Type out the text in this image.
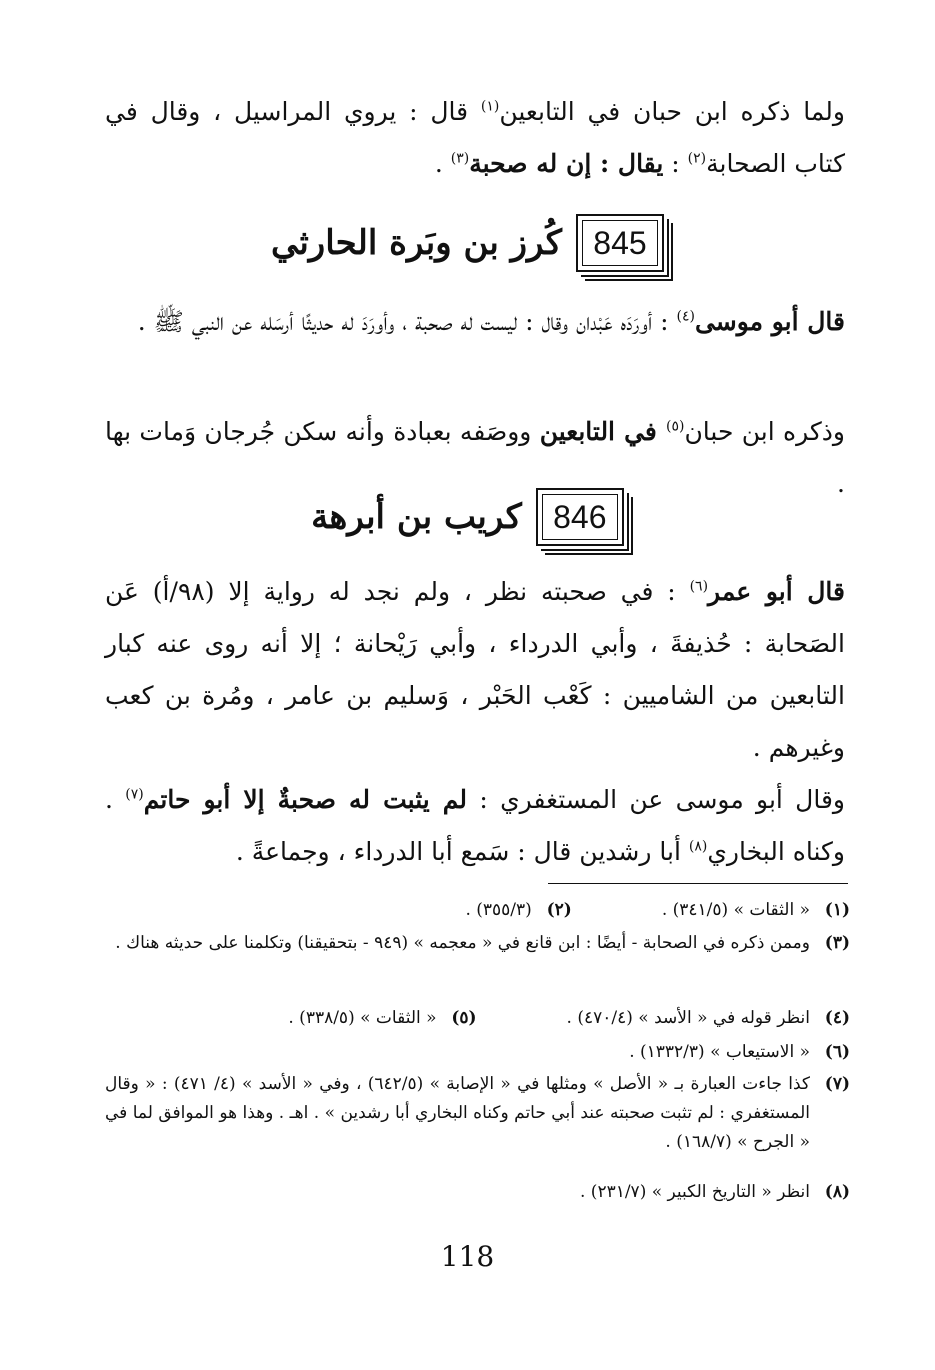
ولما ذكره ابن حبان في التابعين$^{(١)}$ قال : يروي المراسيل ، وقال في كتاب الصحابة$^{(٢)}$ : يقال : إن له صحبة$^{(٣)}$ .

845
كُرز بن وبَرة الحارثي

قال أبو موسى$^{(٤)}$ : أورَدَه عَبْدان وقال : ليست له صحبة ، وأورَدَ له حديثًا أرسَله عن النبي ﷺ .

وذكره ابن حبان$^{(٥)}$ في التابعين ووصَفه بعبادة وأنه سكن جُرجان وَمات بها .

846
كريب بن أبرهة

قال أبو عمر$^{(٦)}$ : في صحبته نظر ، ولم نجد له رواية إلا (٩٨/أ) عَن الصَحابة : حُذيفةَ ، وأبي الدرداء ، وأبي رَيْحانة ؛ إلا أنه روى عنه كبار التابعين من الشاميين : كَعْب الحَبْر ، وَسليم بن عامر ، ومُرة بن كعب وغيرهم .

وقال أبو موسى عن المستغفري : لم يثبت له صحبةٌ إلا أبو حاتم$^{(٧)}$ . وكناه البخاري$^{(٨)}$ أبا رشدين قال : سَمع أبا الدرداء ، وجماعةً .

(١)
« الثقات » (٣٤١/٥) .
(٢)
(٣٥٥/٣) .
(٣)
وممن ذكره في الصحابة - أيضًا : ابن قانع في « معجمه » (٩٤٩ - بتحقيقنا) وتكلمنا على حديثه هناك .
(٤)
انظر قوله في « الأسد » (٤٧٠/٤) .
(٥)
« الثقات » (٣٣٨/٥) .
(٦)
« الاستيعاب » (١٣٣٢/٣) .
(٧)
كذا جاءت العبارة بـ « الأصل » ومثلها في « الإصابة » (٦٤٢/٥) ، وفي « الأسد » (٤/ ٤٧١) : « وقال المستغفري : لم تثبت صحبته عند أبي حاتم وكناه البخاري أبا رشدين » . اهـ . وهذا هو الموافق لما في « الجرح » (١٦٨/٧) .
(٨)
انظر « التاريخ الكبير » (٢٣١/٧) .
118
